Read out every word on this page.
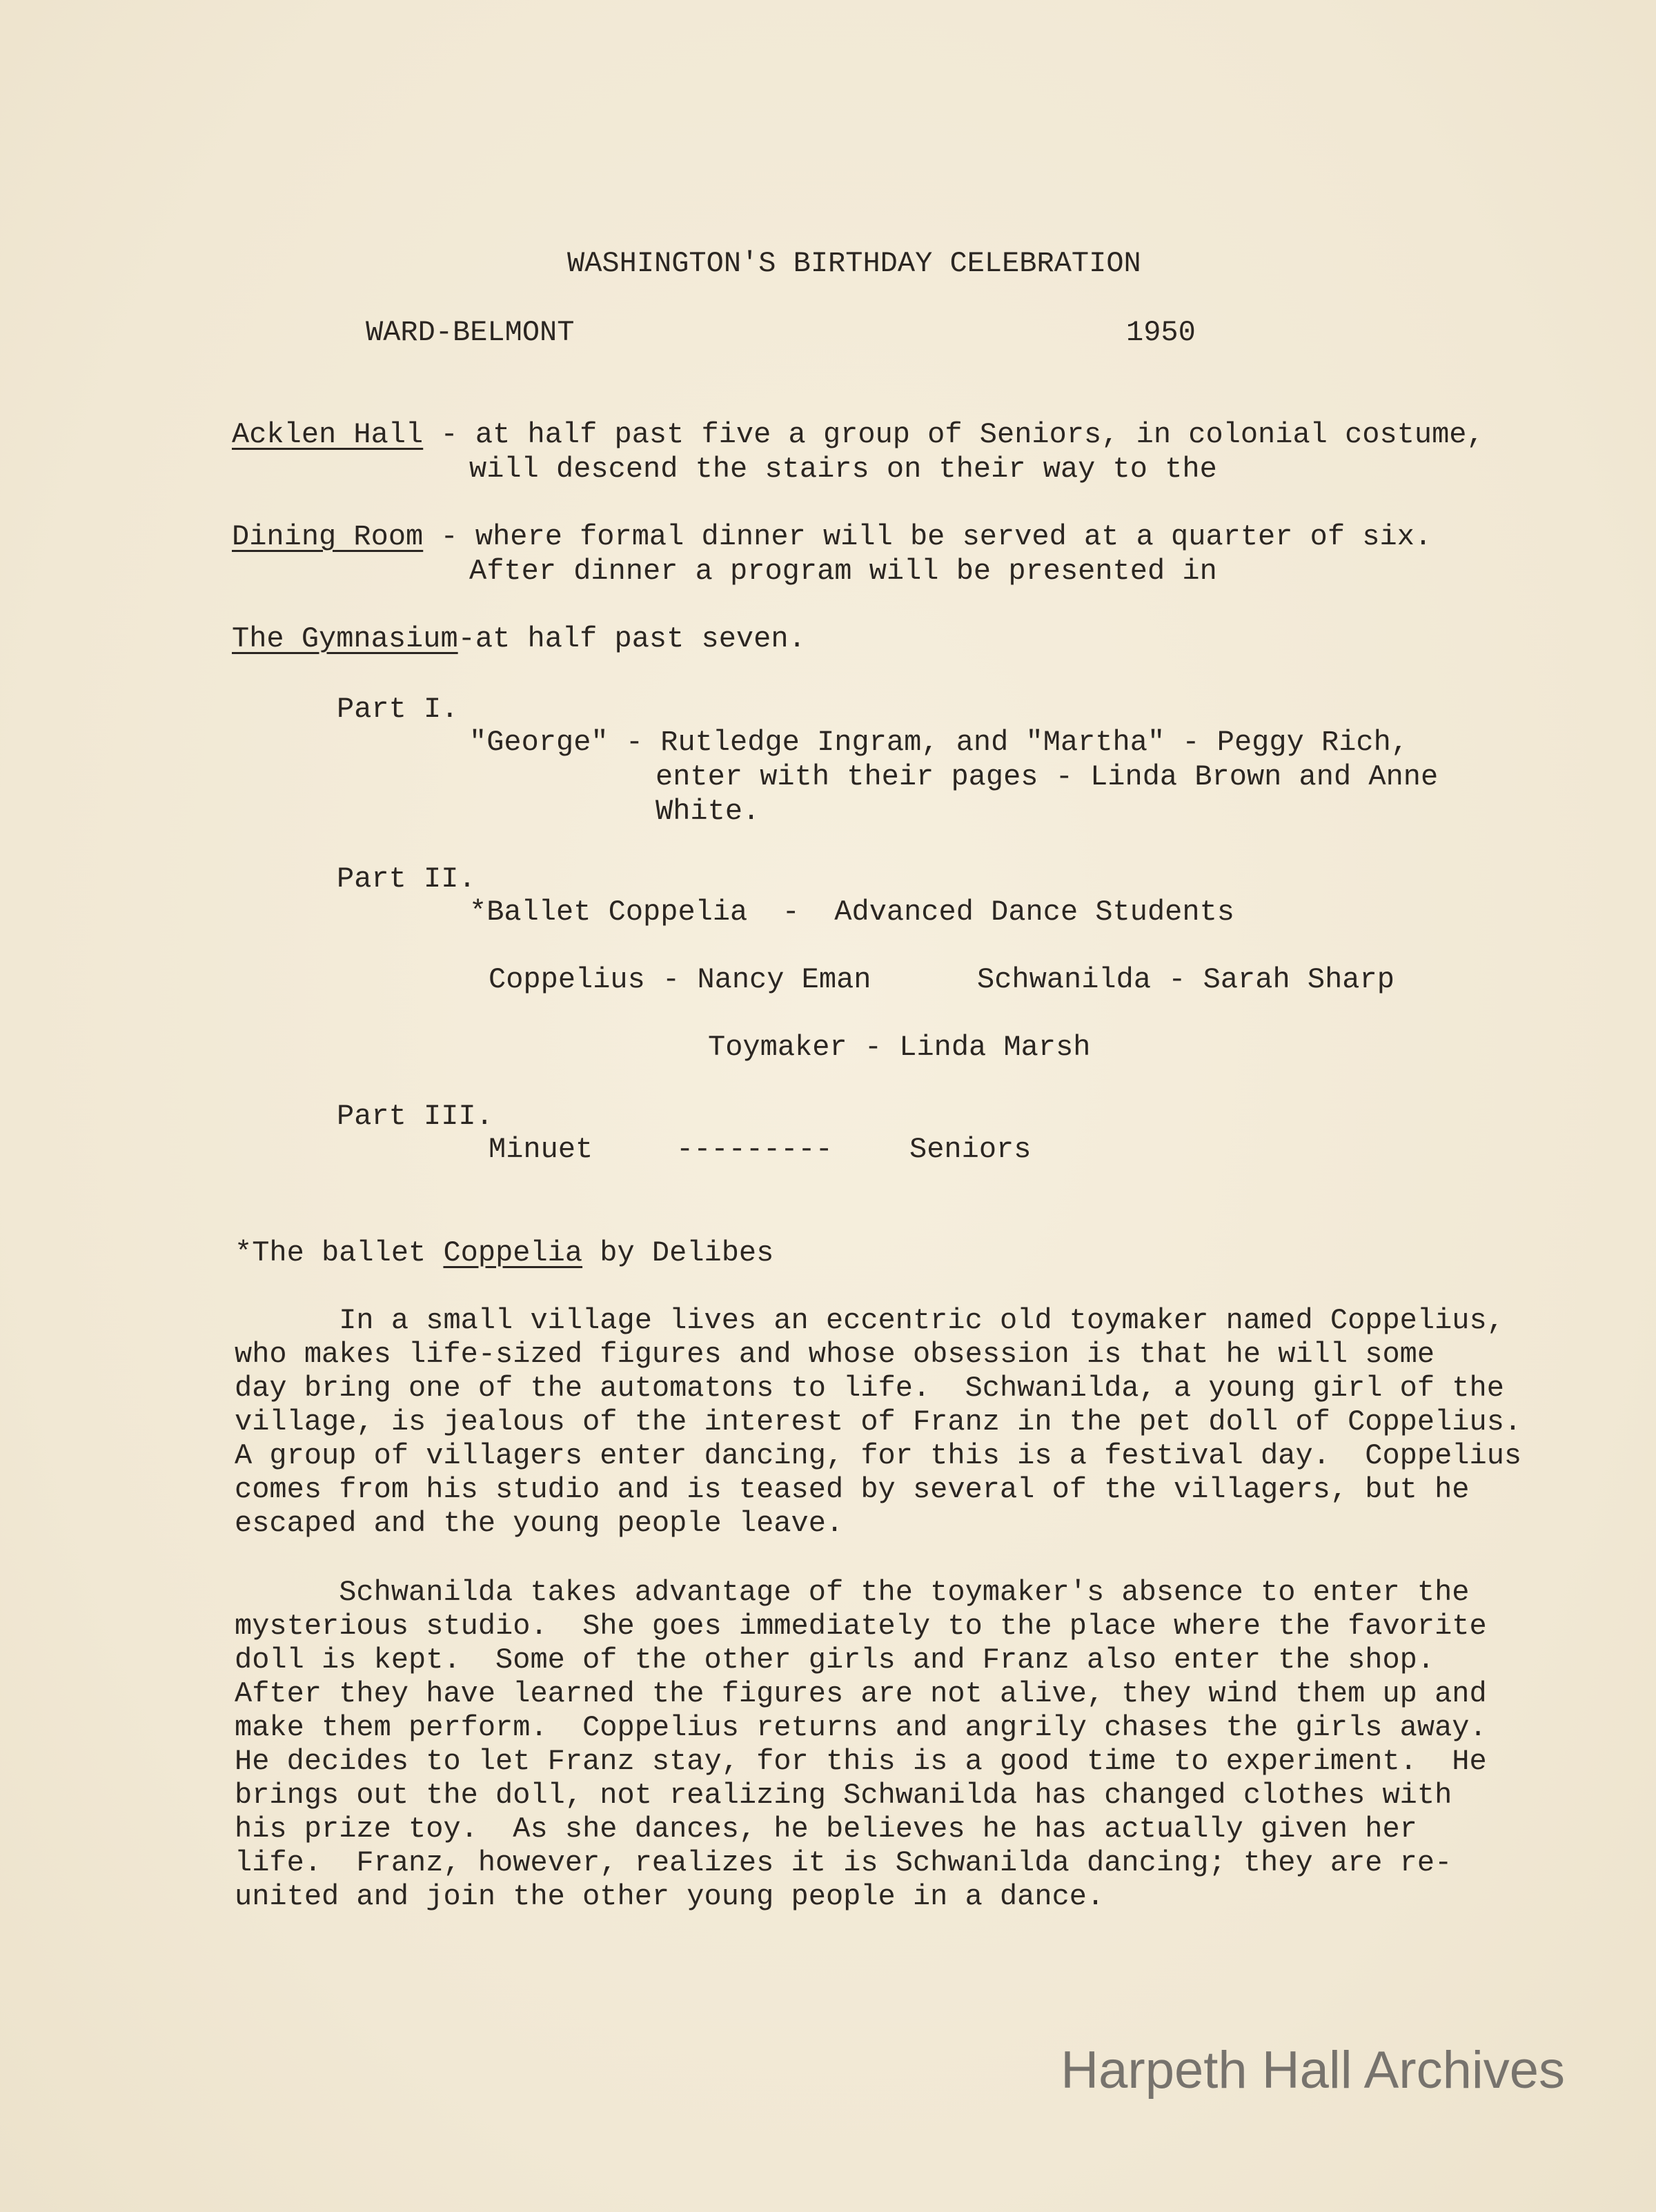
WASHINGTON'S BIRTHDAY CELEBRATION
WARD-BELMONT	1950
Acklen Hall - at half past five a group of Seniors, in colonial costume,
will descend the stairs on their way to the
Dining Room - where formal dinner will be served at a quarter of six.
After dinner a program will be presented in
The Gymnasium-at half past seven.
Part I.
"George" - Rutledge Ingram, and "Martha" - Peggy Rich,
enter with their pages - Linda Brown and Anne
White.
Part II.
*Ballet Coppelia  -  Advanced Dance Students
Coppelius - Nancy Eman	Schwanilda - Sarah Sharp
Toymaker - Linda Marsh
Part III.
Minuet	---------	Seniors
*The ballet Coppelia by Delibes
In a small village lives an eccentric old toymaker named Coppelius,
who makes life-sized figures and whose obsession is that he will some
day bring one of the automatons to life.  Schwanilda, a young girl of the
village, is jealous of the interest of Franz in the pet doll of Coppelius.
A group of villagers enter dancing, for this is a festival day.  Coppelius
comes from his studio and is teased by several of the villagers, but he
escaped and the young people leave.
Schwanilda takes advantage of the toymaker's absence to enter the
mysterious studio.  She goes immediately to the place where the favorite
doll is kept.  Some of the other girls and Franz also enter the shop.
After they have learned the figures are not alive, they wind them up and
make them perform.  Coppelius returns and angrily chases the girls away.
He decides to let Franz stay, for this is a good time to experiment.  He
brings out the doll, not realizing Schwanilda has changed clothes with
his prize toy.  As she dances, he believes he has actually given her
life.  Franz, however, realizes it is Schwanilda dancing; they are re-
united and join the other young people in a dance.
Harpeth Hall Archives
